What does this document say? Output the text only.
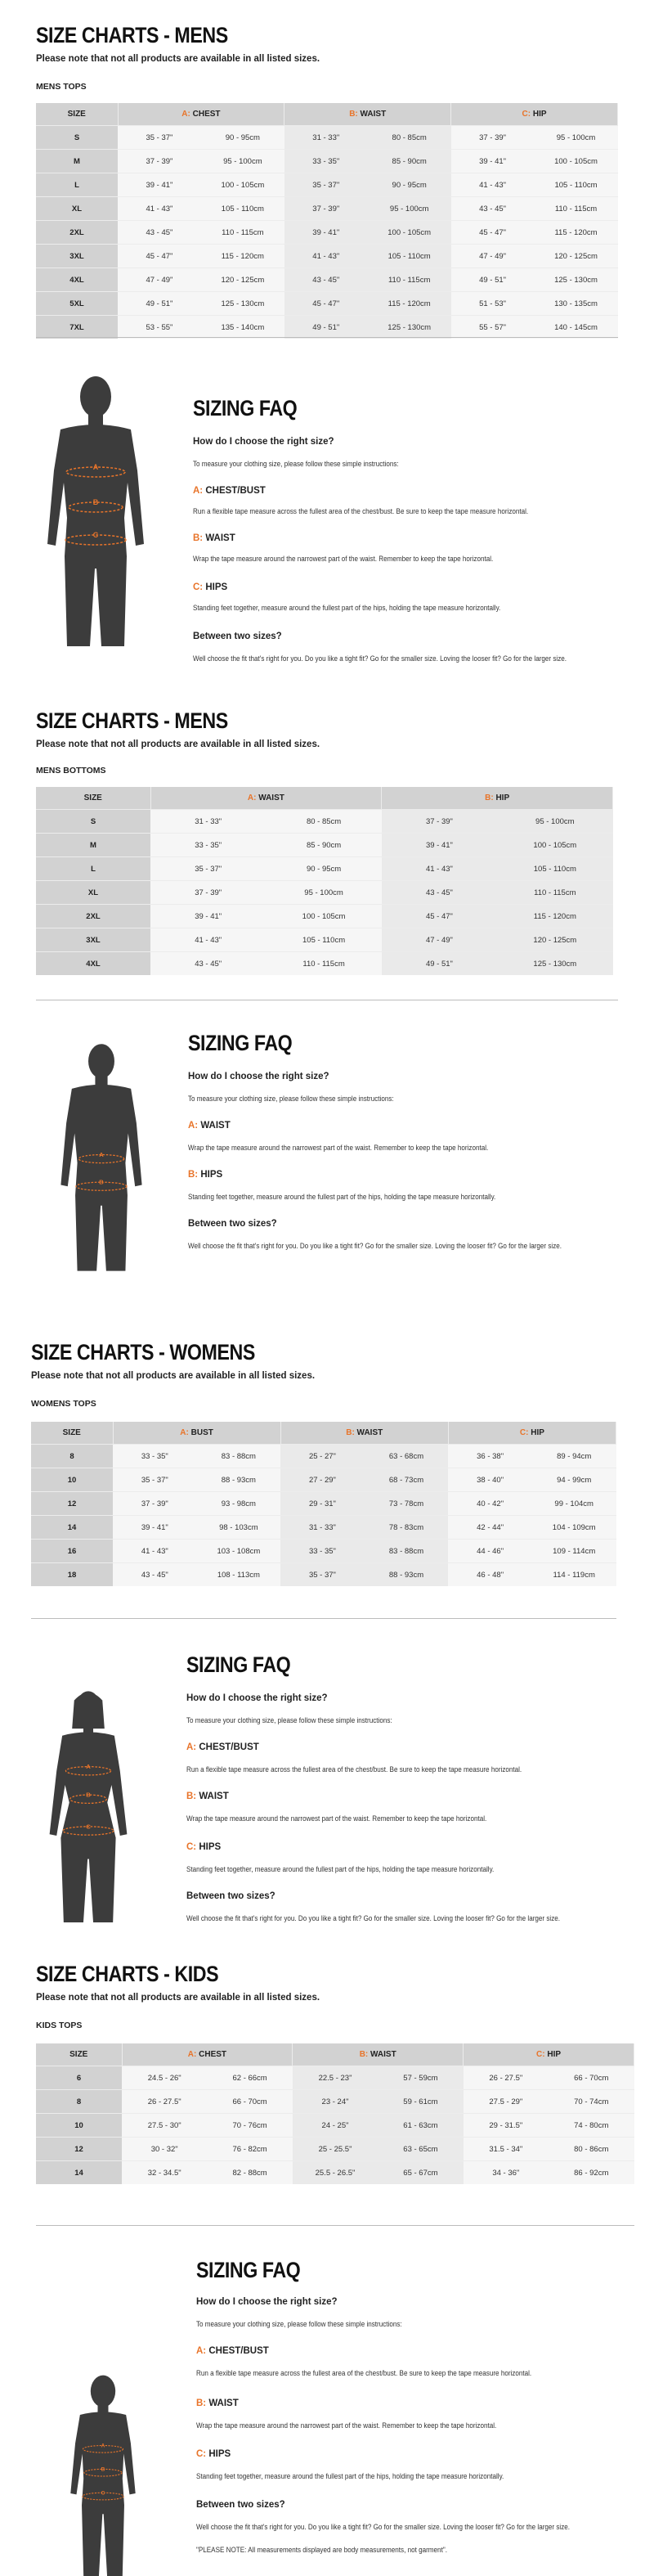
SIZE CHARTS - MENS
Please note that not all products are available in all listed sizes.
MENS TOPS
SIZE	A: CHEST		B: WAIST		C: HIP	
S	35 - 37"	90 - 95cm	31 - 33"	80 - 85cm	37 - 39"	95 - 100cm
M	37 - 39"	95 - 100cm	33 - 35"	85 - 90cm	39 - 41"	100 - 105cm
L	39 - 41"	100 - 105cm	35 - 37"	90 - 95cm	41 - 43"	105 - 110cm
XL	41 - 43"	105 - 110cm	37 - 39"	95 - 100cm	43 - 45"	110 - 115cm
2XL	43 - 45"	110 - 115cm	39 - 41"	100 - 105cm	45 - 47"	115 - 120cm
3XL	45 - 47"	115 - 120cm	41 - 43"	105 - 110cm	47 - 49"	120 - 125cm
4XL	47 - 49"	120 - 125cm	43 - 45"	110 - 115cm	49 - 51"	125 - 130cm
5XL	49 - 51"	125 - 130cm	45 - 47"	115 - 120cm	51 - 53"	130 - 135cm
7XL	53 - 55"	135 - 140cm	49 - 51"	125 - 130cm	55 - 57"	140 - 145cm
A
B
C
SIZING FAQ
How do I choose the right size?
To measure your clothing size, please follow these simple instructions:
A: CHEST/BUST
Run a flexible tape measure across the fullest area of the chest/bust. Be sure to keep the tape measure horizontal.
B: WAIST
Wrap the tape measure around the narrowest part of the waist. Remember to keep the tape horizontal.
C: HIPS
Standing feet together, measure around the fullest part of the hips, holding the tape measure horizontally.
Between two sizes?
Well choose the fit that's right for you. Do you like a tight fit? Go for the smaller size. Loving the looser fit? Go for the larger size.
SIZE CHARTS - MENS
Please note that not all products are available in all listed sizes.
MENS BOTTOMS
SIZE	A: WAIST		B: HIP	
S	31 - 33"	80 - 85cm	37 - 39"	95 - 100cm
M	33 - 35"	85 - 90cm	39 - 41"	100 - 105cm
L	35 - 37"	90 - 95cm	41 - 43"	105 - 110cm
XL	37 - 39"	95 - 100cm	43 - 45"	110 - 115cm
2XL	39 - 41"	100 - 105cm	45 - 47"	115 - 120cm
3XL	41 - 43"	105 - 110cm	47 - 49"	120 - 125cm
4XL	43 - 45"	110 - 115cm	49 - 51"	125 - 130cm
A
B
SIZING FAQ
How do I choose the right size?
To measure your clothing size, please follow these simple instructions:
A: WAIST
Wrap the tape measure around the narrowest part of the waist. Remember to keep the tape horizontal.
B: HIPS
Standing feet together, measure around the fullest part of the hips, holding the tape measure horizontally.
Between two sizes?
Well choose the fit that's right for you. Do you like a tight fit? Go for the smaller size. Loving the looser fit? Go for the larger size.
SIZE CHARTS - WOMENS
Please note that not all products are available in all listed sizes.
WOMENS TOPS
SIZE	A: BUST		B: WAIST		C: HIP	
8	33 - 35"	83 - 88cm	25 - 27"	63 - 68cm	36 - 38"	89 - 94cm
10	35 - 37"	88 - 93cm	27 - 29"	68 - 73cm	38 - 40"	94 - 99cm
12	37 - 39"	93 - 98cm	29 - 31"	73 - 78cm	40 - 42"	99 - 104cm
14	39 - 41"	98 - 103cm	31 - 33"	78 - 83cm	42 - 44"	104 - 109cm
16	41 - 43"	103 - 108cm	33 - 35"	83 - 88cm	44 - 46"	109 - 114cm
18	43 - 45"	108 - 113cm	35 - 37"	88 - 93cm	46 - 48"	114 - 119cm
A
B
C
SIZING FAQ
How do I choose the right size?
To measure your clothing size, please follow these simple instructions:
A: CHEST/BUST
Run a flexible tape measure across the fullest area of the chest/bust. Be sure to keep the tape measure horizontal.
B: WAIST
Wrap the tape measure around the narrowest part of the waist. Remember to keep the tape horizontal.
C: HIPS
Standing feet together, measure around the fullest part of the hips, holding the tape measure horizontally.
Between two sizes?
Well choose the fit that's right for you. Do you like a tight fit? Go for the smaller size. Loving the looser fit? Go for the larger size.
SIZE CHARTS - KIDS
Please note that not all products are available in all listed sizes.
KIDS TOPS
SIZE	A: CHEST		B: WAIST		C: HIP	
6	24.5 - 26"	62 - 66cm	22.5 - 23"	57 - 59cm	26 - 27.5"	66 - 70cm
8	26 - 27.5"	66 - 70cm	23 - 24"	59 - 61cm	27.5 - 29"	70 - 74cm
10	27.5 - 30"	70 - 76cm	24 - 25"	61 - 63cm	29 - 31.5"	74 - 80cm
12	30 - 32"	76 - 82cm	25 - 25.5"	63 - 65cm	31.5 - 34"	80 - 86cm
14	32 - 34.5"	82 - 88cm	25.5 - 26.5"	65 - 67cm	34 - 36"	86 - 92cm
A
B
C
SIZING FAQ
How do I choose the right size?
To measure your clothing size, please follow these simple instructions:
A: CHEST/BUST
Run a flexible tape measure across the fullest area of the chest/bust. Be sure to keep the tape measure horizontal.
B: WAIST
Wrap the tape measure around the narrowest part of the waist. Remember to keep the tape horizontal.
C: HIPS
Standing feet together, measure around the fullest part of the hips, holding the tape measure horizontally.
Between two sizes?
Well choose the fit that's right for you. Do you like a tight fit? Go for the smaller size. Loving the looser fit? Go for the larger size.
"PLEASE NOTE: All measurements displayed are body measurements, not garment".
